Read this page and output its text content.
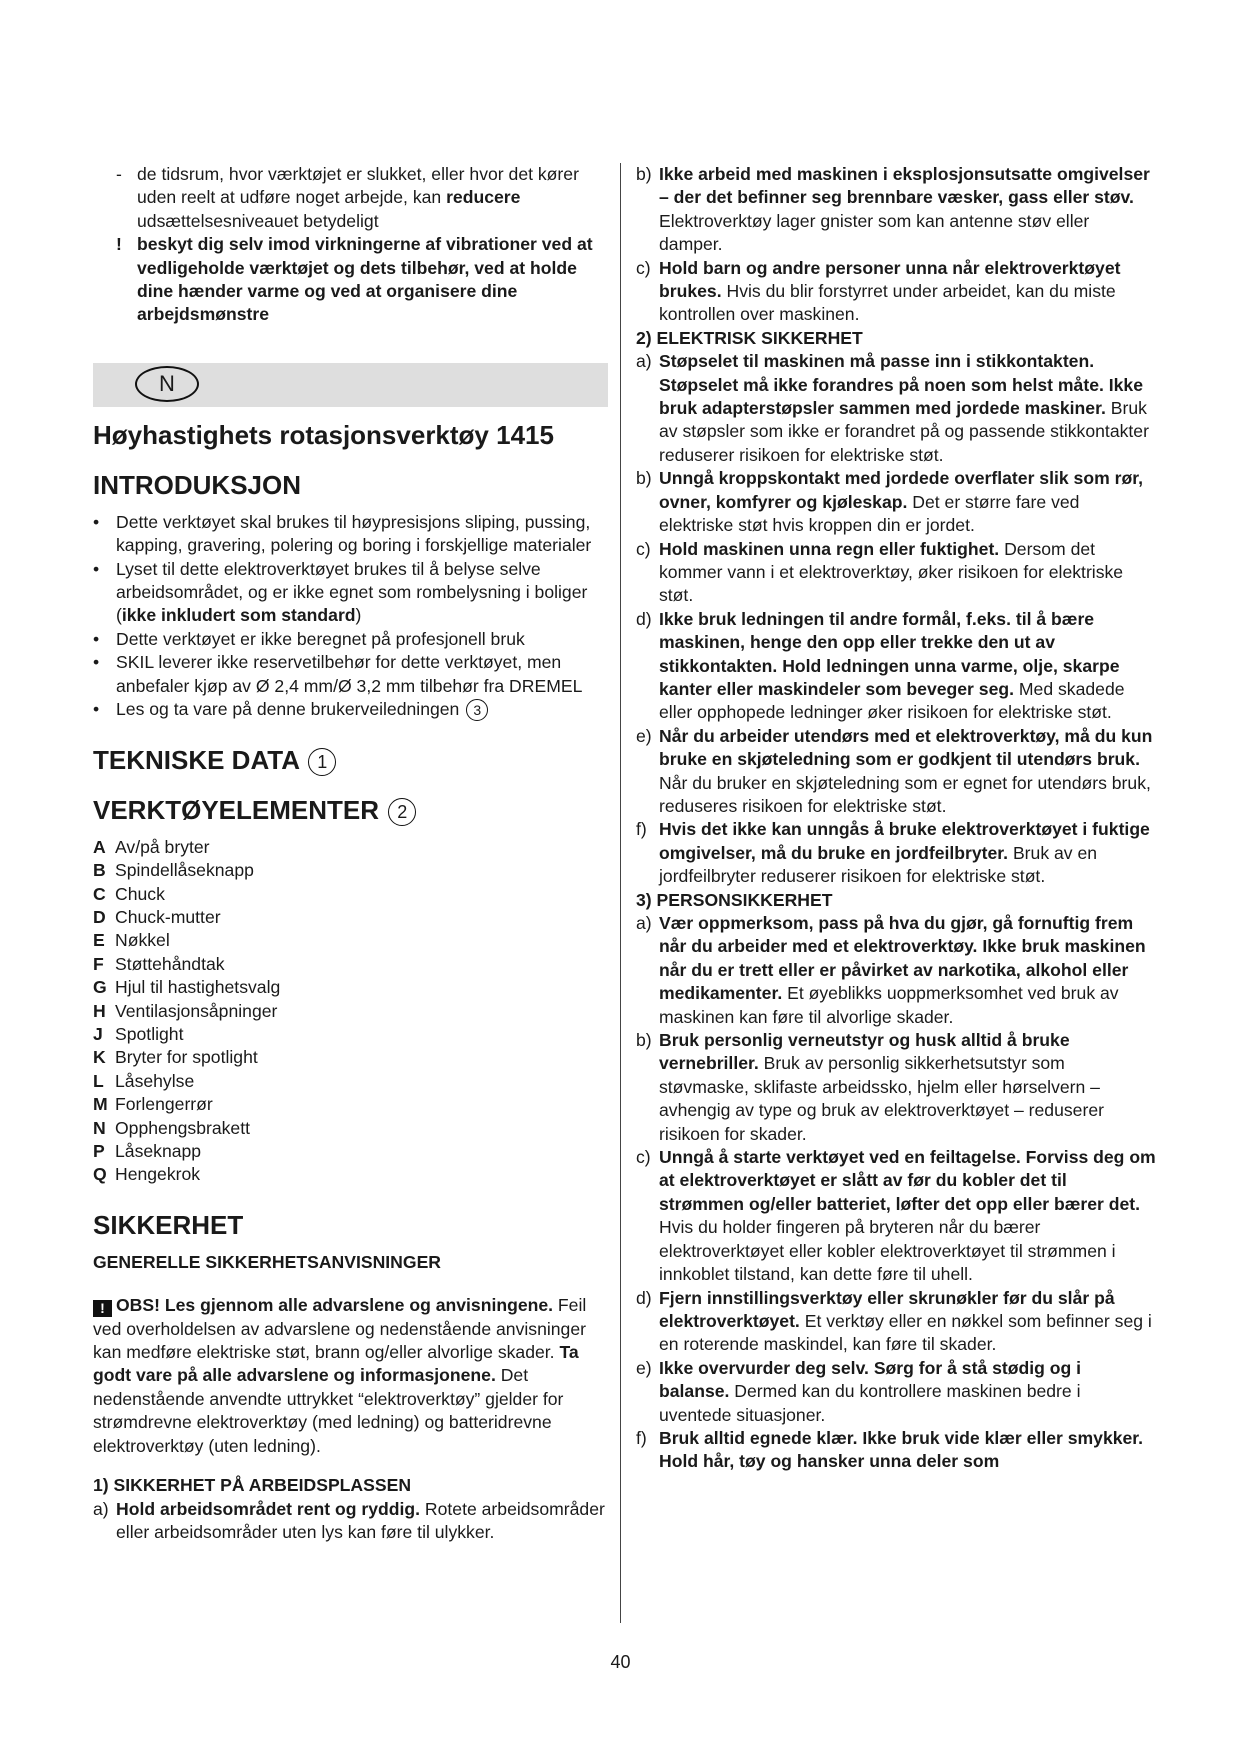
- de tidsrum, hvor værktøjet er slukket, eller hvor det kører uden reelt at udføre noget arbejde, kan reducere udsættelsesniveauet betydeligt
! beskyt dig selv imod virkningerne af vibrationer ved at vedligeholde værktøjet og dets tilbehør, ved at holde dine hænder varme og ved at organisere dine arbejdsmønstre
N
Høyhastighets rotasjonsverktøy 1415
INTRODUKSJON
• Dette verktøyet skal brukes til høypresisjons sliping, pussing, kapping, gravering, polering og boring i forskjellige materialer
• Lyset til dette elektroverktøyet brukes til å belyse selve arbeidsområdet, og er ikke egnet som rombelysning i boliger (ikke inkludert som standard)
• Dette verktøyet er ikke beregnet på profesjonell bruk
• SKIL leverer ikke reservetilbehør for dette verktøyet, men anbefaler kjøp av Ø 2,4 mm/Ø 3,2 mm tilbehør fra DREMEL
• Les og ta vare på denne brukerveiledningen 3
TEKNISKE DATA 1
VERKTØYELEMENTER 2
A Av/på bryter
B Spindellåseknapp
C Chuck
D Chuck-mutter
E Nøkkel
F Støttehåndtak
G Hjul til hastighetsvalg
H Ventilasjonsåpninger
J Spotlight
K Bryter for spotlight
L Låsehylse
M Forlengerrør
N Opphengsbrakett
P Låseknapp
Q Hengekrok
SIKKERHET
GENERELLE SIKKERHETSANVISNINGER
! OBS! Les gjennom alle advarslene og anvisningene. Feil ved overholdelsen av advarslene og nedenstående anvisninger kan medføre elektriske støt, brann og/eller alvorlige skader. Ta godt vare på alle advarslene og informasjonene. Det nedenstående anvendte uttrykket “elektroverktøy” gjelder for strømdrevne elektroverktøy (med ledning) og batteridrevne elektroverktøy (uten ledning).
1) SIKKERHET PÅ ARBEIDSPLASSEN
a) Hold arbeidsområdet rent og ryddig. Rotete arbeidsområder eller arbeidsområder uten lys kan føre til ulykker.
b) Ikke arbeid med maskinen i eksplosjonsutsatte omgivelser – der det befinner seg brennbare væsker, gass eller støv. Elektroverktøy lager gnister som kan antenne støv eller damper.
c) Hold barn og andre personer unna når elektroverktøyet brukes. Hvis du blir forstyrret under arbeidet, kan du miste kontrollen over maskinen.
2) ELEKTRISK SIKKERHET
a) Støpselet til maskinen må passe inn i stikkontakten. Støpselet må ikke forandres på noen som helst måte. Ikke bruk adapterstøpsler sammen med jordede maskiner. Bruk av støpsler som ikke er forandret på og passende stikkontakter reduserer risikoen for elektriske støt.
b) Unngå kroppskontakt med jordede overflater slik som rør, ovner, komfyrer og kjøleskap. Det er større fare ved elektriske støt hvis kroppen din er jordet.
c) Hold maskinen unna regn eller fuktighet. Dersom det kommer vann i et elektroverktøy, øker risikoen for elektriske støt.
d) Ikke bruk ledningen til andre formål, f.eks. til å bære maskinen, henge den opp eller trekke den ut av stikkontakten. Hold ledningen unna varme, olje, skarpe kanter eller maskindeler som beveger seg. Med skadede eller opphopede ledninger øker risikoen for elektriske støt.
e) Når du arbeider utendørs med et elektroverktøy, må du kun bruke en skjøteledning som er godkjent til utendørs bruk. Når du bruker en skjøteledning som er egnet for utendørs bruk, reduseres risikoen for elektriske støt.
f) Hvis det ikke kan unngås å bruke elektroverktøyet i fuktige omgivelser, må du bruke en jordfeilbryter. Bruk av en jordfeilbryter reduserer risikoen for elektriske støt.
3) PERSONSIKKERHET
a) Vær oppmerksom, pass på hva du gjør, gå fornuftig frem når du arbeider med et elektroverktøy. Ikke bruk maskinen når du er trett eller er påvirket av narkotika, alkohol eller medikamenter. Et øyeblikks uoppmerksomhet ved bruk av maskinen kan føre til alvorlige skader.
b) Bruk personlig verneutstyr og husk alltid å bruke vernebriller. Bruk av personlig sikkerhetsutstyr som støvmaske, sklifaste arbeidssko, hjelm eller hørselvern – avhengig av type og bruk av elektroverktøyet – reduserer risikoen for skader.
c) Unngå å starte verktøyet ved en feiltagelse. Forviss deg om at elektroverktøyet er slått av før du kobler det til strømmen og/eller batteriet, løfter det opp eller bærer det. Hvis du holder fingeren på bryteren når du bærer elektroverktøyet eller kobler elektroverktøyet til strømmen i innkoblet tilstand, kan dette føre til uhell.
d) Fjern innstillingsverktøy eller skrunøkler før du slår på elektroverktøyet. Et verktøy eller en nøkkel som befinner seg i en roterende maskindel, kan føre til skader.
e) Ikke overvurder deg selv. Sørg for å stå stødig og i balanse. Dermed kan du kontrollere maskinen bedre i uventede situasjoner.
f) Bruk alltid egnede klær. Ikke bruk vide klær eller smykker. Hold hår, tøy og hansker unna deler som
40
